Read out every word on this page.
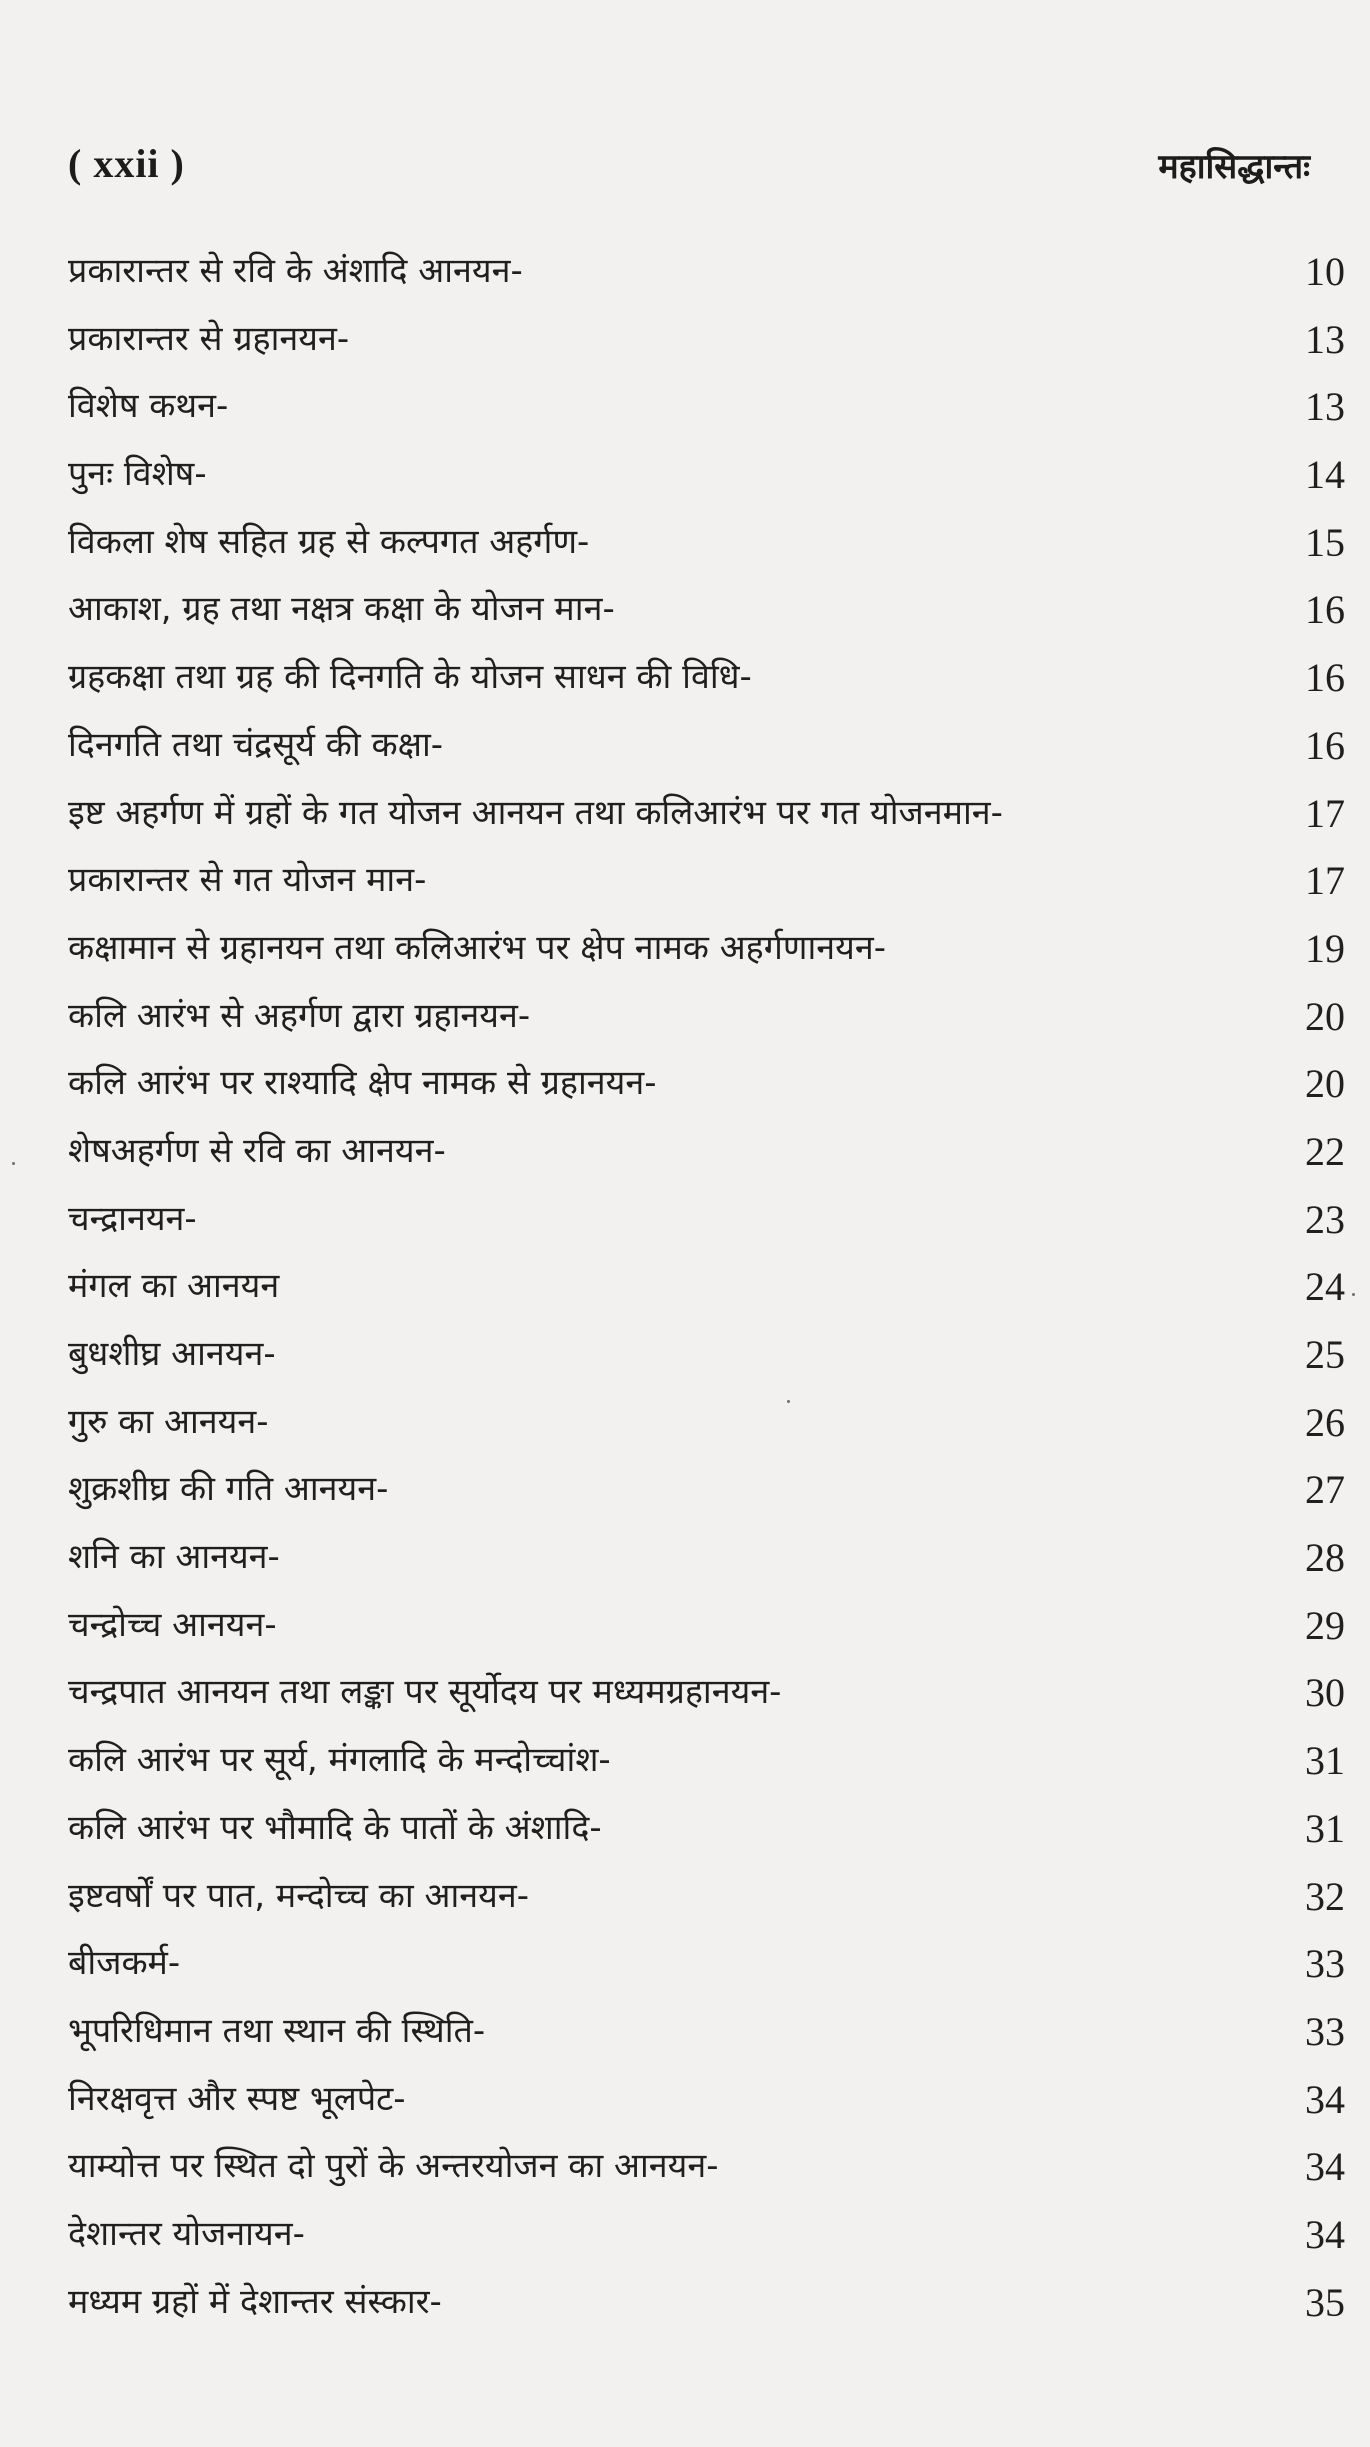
( xxii )	महासिद्धान्तः
प्रकारान्तर से रवि के अंशादि आनयन-	10
प्रकारान्तर से ग्रहानयन-	13
विशेष कथन-	13
पुनः विशेष-	14
विकला शेष सहित ग्रह से कल्पगत अहर्गण-	15
आकाश, ग्रह तथा नक्षत्र कक्षा के योजन मान-	16
ग्रहकक्षा तथा ग्रह की दिनगति के योजन साधन की विधि-	16
दिनगति तथा चंद्रसूर्य की कक्षा-	16
इष्ट अहर्गण में ग्रहों के गत योजन आनयन तथा कलिआरंभ पर गत योजनमान-	17
प्रकारान्तर से गत योजन मान-	17
कक्षामान से ग्रहानयन तथा कलिआरंभ पर क्षेप नामक अहर्गणानयन-	19
कलि आरंभ से अहर्गण द्वारा ग्रहानयन-	20
कलि आरंभ पर राश्यादि क्षेप नामक से ग्रहानयन-	20
शेषअहर्गण से रवि का आनयन-	22
चन्द्रानयन-	23
मंगल का आनयन	24
बुधशीघ्र आनयन-	25
गुरु का आनयन-	26
शुक्रशीघ्र की गति आनयन-	27
शनि का आनयन-	28
चन्द्रोच्च आनयन-	29
चन्द्रपात आनयन तथा लङ्का पर सूर्योदय पर मध्यमग्रहानयन-	30
कलि आरंभ पर सूर्य, मंगलादि के मन्दोच्चांश-	31
कलि आरंभ पर भौमादि के पातों के अंशादि-	31
इष्टवर्षों पर पात, मन्दोच्च का आनयन-	32
बीजकर्म-	33
भूपरिधिमान तथा स्थान की स्थिति-	33
निरक्षवृत्त और स्पष्ट भूलपेट-	34
याम्योत्त पर स्थित दो पुरों के अन्तरयोजन का आनयन-	34
देशान्तर योजनायन-	34
मध्यम ग्रहों में देशान्तर संस्कार-	35
